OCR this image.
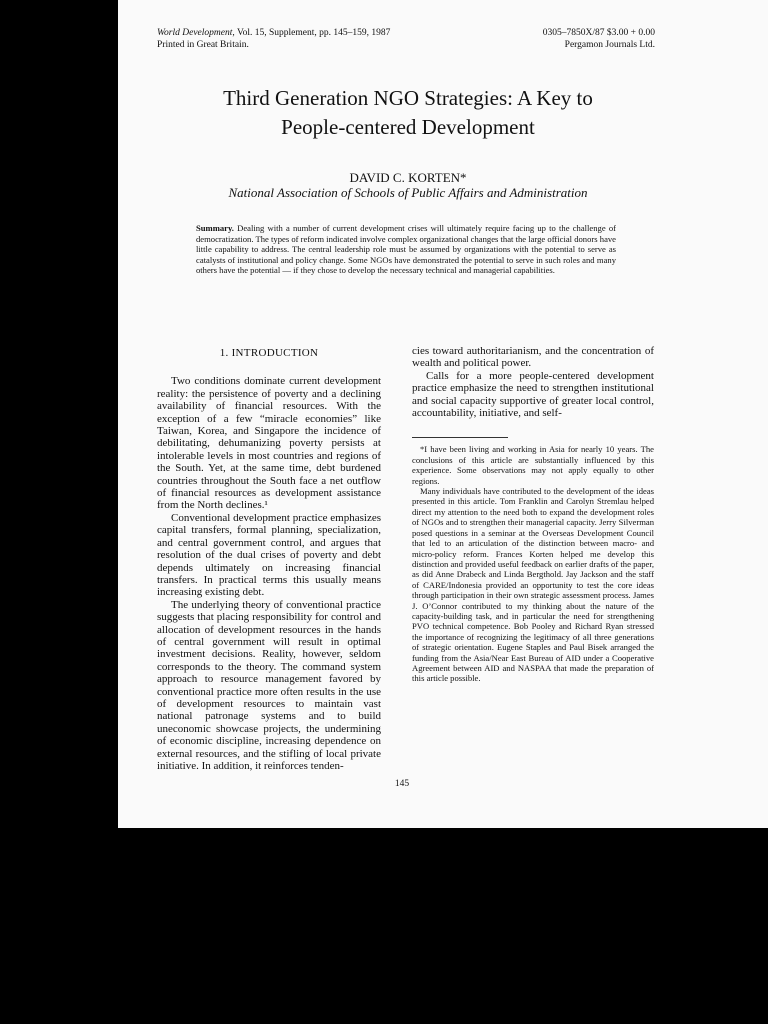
World Development, Vol. 15, Supplement, pp. 145–159, 1987
Printed in Great Britain.
0305–7850X/87 $3.00 + 0.00
Pergamon Journals Ltd.
Third Generation NGO Strategies: A Key to
People-centered Development
DAVID C. KORTEN*
National Association of Schools of Public Affairs and Administration
Summary. Dealing with a number of current development crises will ultimately require facing up to the challenge of democratization. The types of reform indicated involve complex organizational changes that the large official donors have little capability to address. The central leadership role must be assumed by organizations with the potential to serve as catalysts of institutional and policy change. Some NGOs have demonstrated the potential to serve in such roles and many others have the potential — if they chose to develop the necessary technical and managerial capabilities.
1. INTRODUCTION

Two conditions dominate current development reality: the persistence of poverty and a declining availability of financial resources. With the exception of a few “miracle economies” like Taiwan, Korea, and Singapore the incidence of debilitating, dehumanizing poverty persists at intolerable levels in most countries and regions of the South. Yet, at the same time, debt burdened countries throughout the South face a net outflow of financial resources as development assistance from the North declines.¹

Conventional development practice emphasizes capital transfers, formal planning, specialization, and central government control, and argues that resolution of the dual crises of poverty and debt depends ultimately on increasing financial transfers. In practical terms this usually means increasing existing debt.

The underlying theory of conventional practice suggests that placing responsibility for control and allocation of development resources in the hands of central government will result in optimal investment decisions. Reality, however, seldom corresponds to the theory. The command system approach to resource management favored by conventional practice more often results in the use of development resources to maintain vast national patronage systems and to build uneconomic showcase projects, the undermining of economic discipline, increasing dependence on external resources, and the stifling of local private initiative. In addition, it reinforces tenden-

cies toward authoritarianism, and the concentration of wealth and political power.

Calls for a more people-centered development practice emphasize the need to strengthen institutional and social capacity supportive of greater local control, accountability, initiative, and self-

*I have been living and working in Asia for nearly 10 years. The conclusions of this article are substantially influenced by this experience. Some observations may not apply equally to other regions.

Many individuals have contributed to the development of the ideas presented in this article. Tom Franklin and Carolyn Stremlau helped direct my attention to the need both to expand the development roles of NGOs and to strengthen their managerial capacity. Jerry Silverman posed questions in a seminar at the Overseas Development Council that led to an articulation of the distinction between macro- and micro-policy reform. Frances Korten helped me develop this distinction and provided useful feedback on earlier drafts of the paper, as did Anne Drabeck and Linda Bergthold. Jay Jackson and the staff of CARE/Indonesia provided an opportunity to test the core ideas through participation in their own strategic assessment process. James J. O’Connor contributed to my thinking about the nature of the capacity-building task, and in particular the need for strengthening PVO technical competence. Bob Pooley and Richard Ryan stressed the importance of recognizing the legitimacy of all three generations of strategic orientation. Eugene Staples and Paul Bisek arranged the funding from the Asia/Near East Bureau of AID under a Cooperative Agreement between AID and NASPAA that made the preparation of this article possible.

145
